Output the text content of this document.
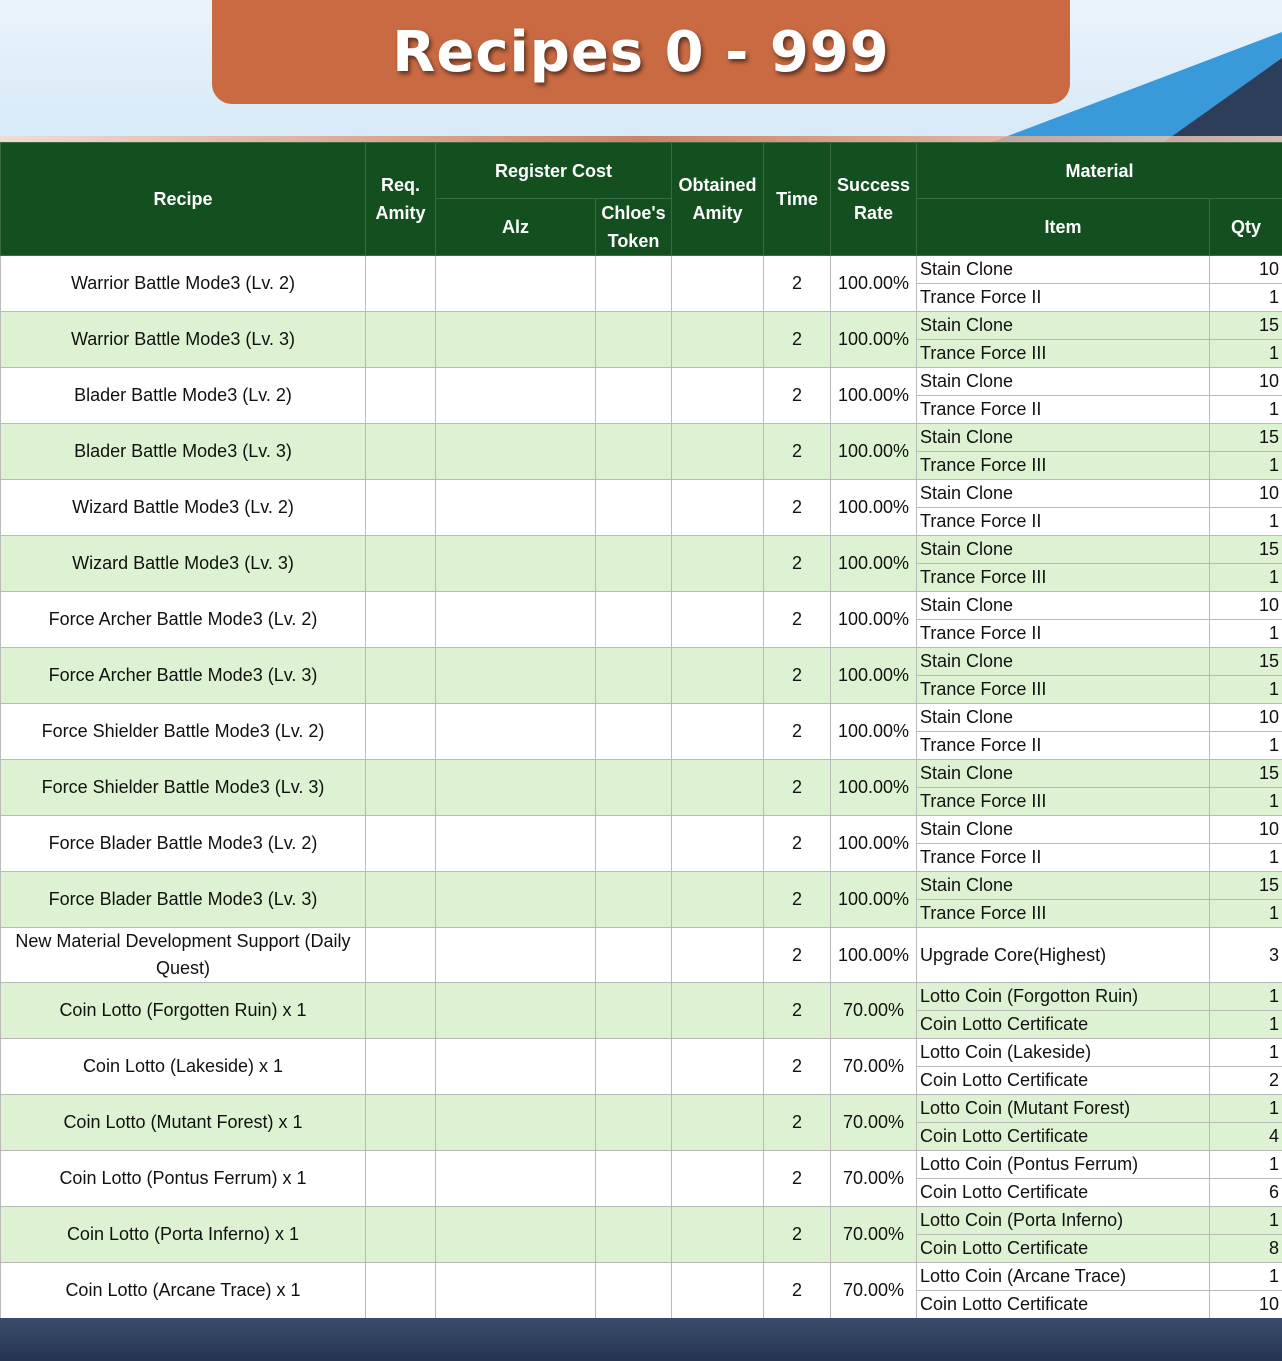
Recipes 0 - 999
Recipe	Req. Amity	Register Cost		Obtained Amity	Time	Success Rate	Material	
		Alz	Chloe's Token				Item	Qty
Warrior Battle Mode3 (Lv. 2)					2	100.00%	Stain Clone	10
							Trance Force II	1
Warrior Battle Mode3 (Lv. 3)					2	100.00%	Stain Clone	15
							Trance Force III	1
Blader Battle Mode3 (Lv. 2)					2	100.00%	Stain Clone	10
							Trance Force II	1
Blader Battle Mode3 (Lv. 3)					2	100.00%	Stain Clone	15
							Trance Force III	1
Wizard Battle Mode3 (Lv. 2)					2	100.00%	Stain Clone	10
							Trance Force II	1
Wizard Battle Mode3 (Lv. 3)					2	100.00%	Stain Clone	15
							Trance Force III	1
Force Archer Battle Mode3 (Lv. 2)					2	100.00%	Stain Clone	10
							Trance Force II	1
Force Archer Battle Mode3 (Lv. 3)					2	100.00%	Stain Clone	15
							Trance Force III	1
Force Shielder Battle Mode3 (Lv. 2)					2	100.00%	Stain Clone	10
							Trance Force II	1
Force Shielder Battle Mode3 (Lv. 3)					2	100.00%	Stain Clone	15
							Trance Force III	1
Force Blader Battle Mode3 (Lv. 2)					2	100.00%	Stain Clone	10
							Trance Force II	1
Force Blader Battle Mode3 (Lv. 3)					2	100.00%	Stain Clone	15
							Trance Force III	1
New Material Development Support (Daily Quest)					2	100.00%	Upgrade Core(Highest)	3

Coin Lotto (Forgotten Ruin) x 1					2	70.00%	Lotto Coin (Forgotton Ruin)	1
							Coin Lotto Certificate	1
Coin Lotto (Lakeside) x 1					2	70.00%	Lotto Coin (Lakeside)	1
							Coin Lotto Certificate	2
Coin Lotto (Mutant Forest) x 1					2	70.00%	Lotto Coin (Mutant Forest)	1
							Coin Lotto Certificate	4
Coin Lotto (Pontus Ferrum) x 1					2	70.00%	Lotto Coin (Pontus Ferrum)	1
							Coin Lotto Certificate	6
Coin Lotto (Porta Inferno) x 1					2	70.00%	Lotto Coin (Porta Inferno)	1
							Coin Lotto Certificate	8
Coin Lotto (Arcane Trace) x 1					2	70.00%	Lotto Coin (Arcane Trace)	1
							Coin Lotto Certificate	10
